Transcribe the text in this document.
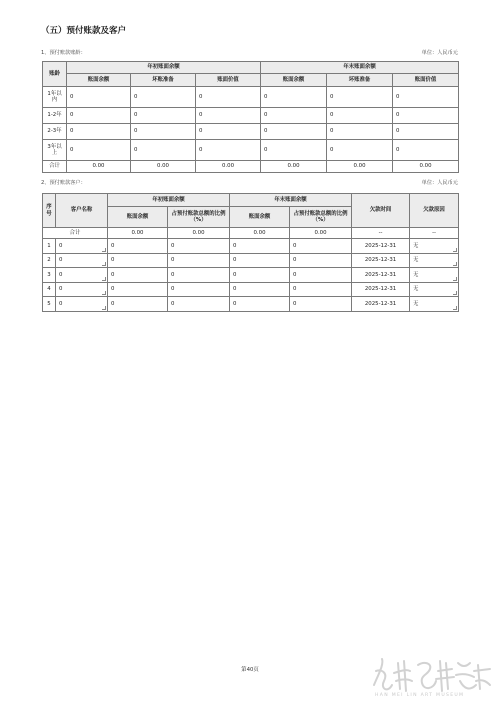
（五）预付账款及客户
1、预付账款账龄：	单位：人民币元
账龄	年初账面余额			年末账面余额		
	账面余额	坏账准备	账面价值	账面余额	坏账准备	账面价值
1年以内	0	0	0	0	0	0
1-2年	0	0	0	0	0	0
2-3年	0	0	0	0	0	0
3年以上	0	0	0	0	0	0
合计	0.00	0.00	0.00	0.00	0.00	0.00
2、预付账款客户：	单位：人民币元
序号	客户名称	年初账面余额		年末账面余额		欠款时间	欠款原因
		账面余额	占预付账款总额的比例（%）	账面余额	占预付账款总额的比例（%）		
合计		0.00	0.00	0.00	0.00	--	--
1	0	0	0	0	0	2025-12-31	无
2	0	0	0	0	0	2025-12-31	无
3	0	0	0	0	0	2025-12-31	无
4	0	0	0	0	0	2025-12-31	无
5	0	0	0	0	0	2025-12-31	无
第40页
HAN MEI LIN ART MUSEUM
